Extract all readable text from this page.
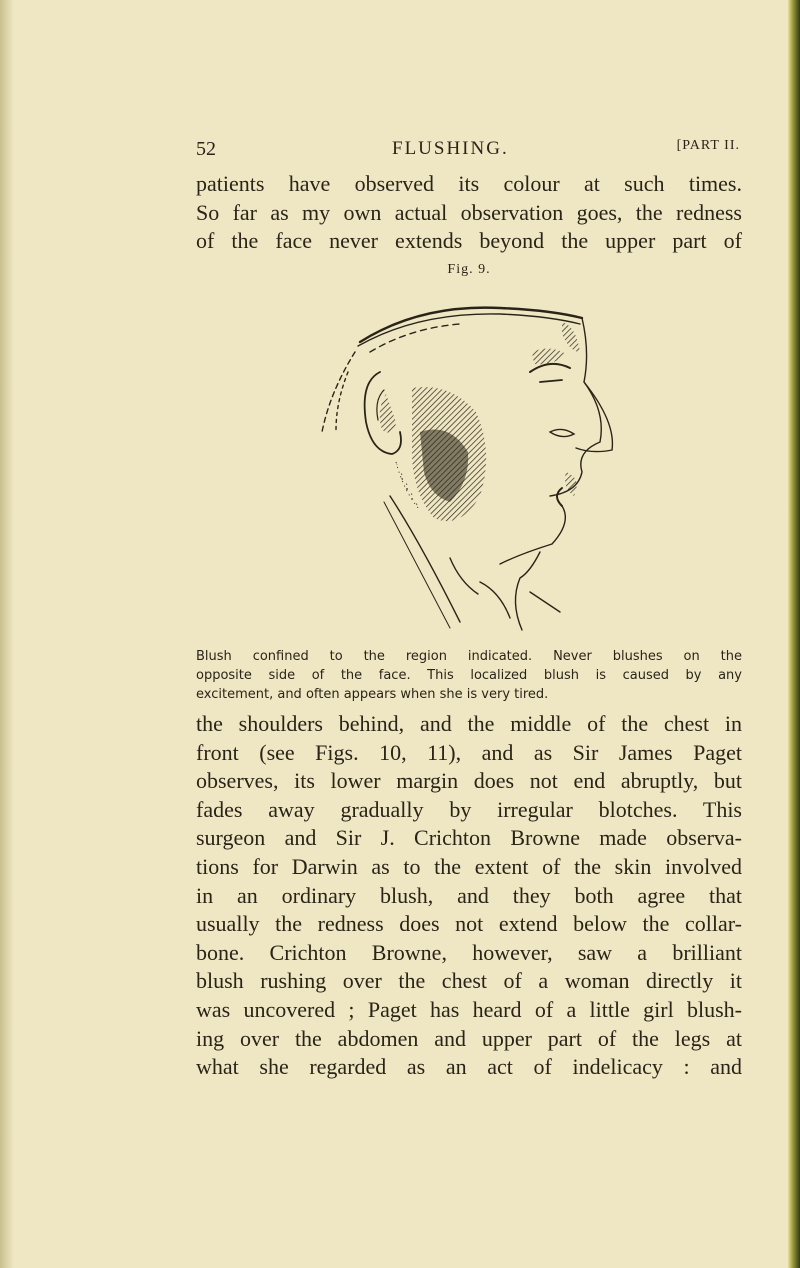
52	FLUSHING.	[PART II.

patients have observed its colour at such times.
So far as my own actual observation goes, the redness
of the face never extends beyond the upper part of

Fig. 9.
Blush confined to the region indicated. Never blushes on the
opposite side of the face. This localized blush is caused by any
excitement, and often appears when she is very tired.

the shoulders behind, and the middle of the chest in
front (see Figs. 10, 11), and as Sir James Paget
observes, its lower margin does not end abruptly, but
fades away gradually by irregular blotches. This
surgeon and Sir J. Crichton Browne made observa-
tions for Darwin as to the extent of the skin involved
in an ordinary blush, and they both agree that
usually the redness does not extend below the collar-
bone. Crichton Browne, however, saw a brilliant
blush rushing over the chest of a woman directly it
was uncovered ; Paget has heard of a little girl blush-
ing over the abdomen and upper part of the legs at
what she regarded as an act of indelicacy : and
